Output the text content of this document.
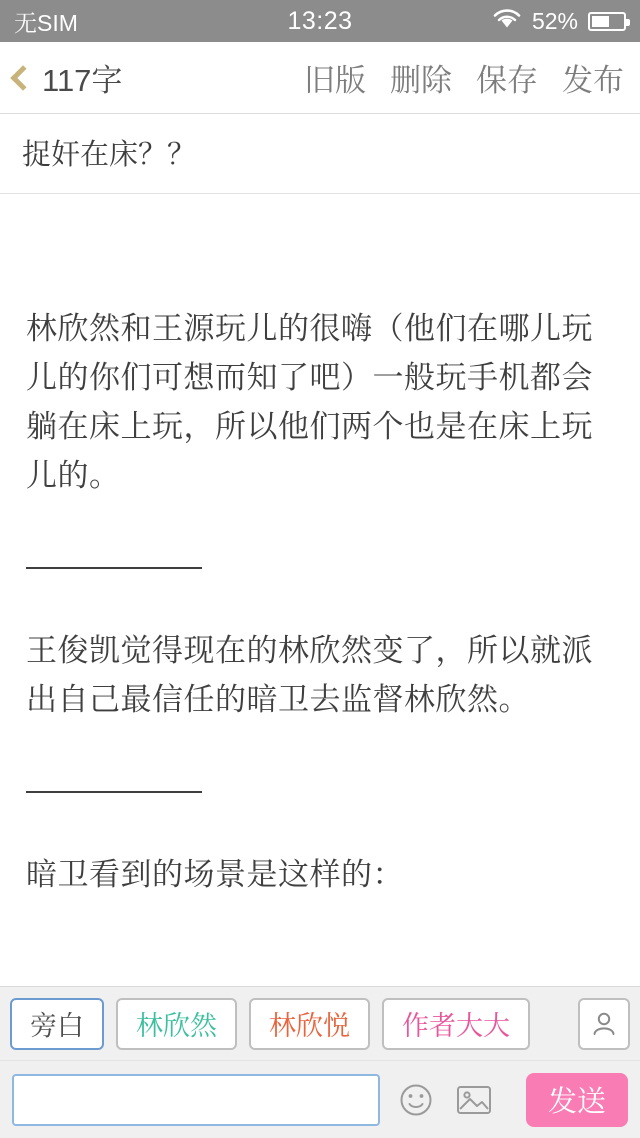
无SIM	13:23	52%
117字	旧版 删除 保存 发布
捉奸在床？？
林欣然和王源玩儿的很嗨（他们在哪儿玩儿的你们可想而知了吧）一般玩手机都会躺在床上玩，所以他们两个也是在床上玩儿的。
——————
王俊凯觉得现在的林欣然变了，所以就派出自己最信任的暗卫去监督林欣然。
——————
暗卫看到的场景是这样的：
旁白	林欣然	林欣悦	作者大大
发送
